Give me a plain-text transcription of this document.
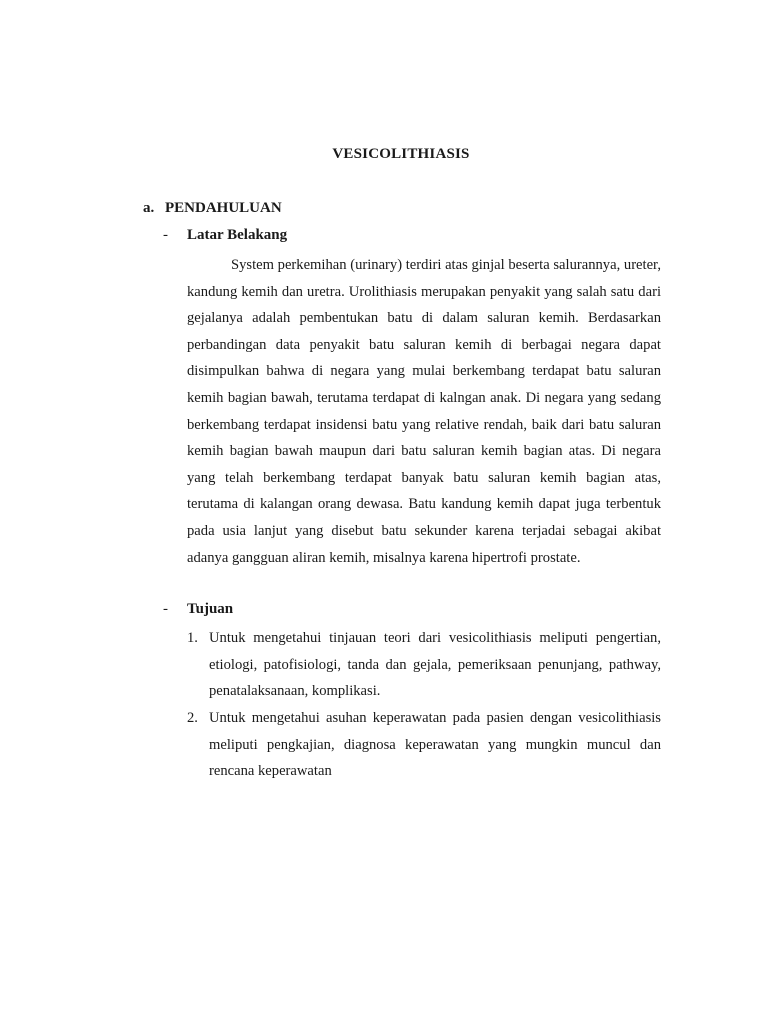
VESICOLITHIASIS
a. PENDAHULUAN
- Latar Belakang

System perkemihan (urinary) terdiri atas ginjal beserta salurannya, ureter, kandung kemih dan uretra. Urolithiasis merupakan penyakit yang salah satu dari gejalanya adalah pembentukan batu di dalam saluran kemih. Berdasarkan perbandingan data penyakit batu saluran kemih di berbagai negara dapat disimpulkan bahwa di negara yang mulai berkembang terdapat batu saluran kemih bagian bawah, terutama terdapat di kalngan anak. Di negara yang sedang berkembang terdapat insidensi batu yang relative rendah, baik dari batu saluran kemih bagian bawah maupun dari batu saluran kemih bagian atas. Di negara yang telah berkembang terdapat banyak batu saluran kemih bagian atas, terutama di kalangan orang dewasa. Batu kandung kemih dapat juga terbentuk pada usia lanjut yang disebut batu sekunder karena terjadai sebagai akibat adanya gangguan aliran kemih, misalnya karena hipertrofi prostate.

- Tujuan
1. Untuk mengetahui tinjauan teori dari vesicolithiasis meliputi pengertian, etiologi, patofisiologi, tanda dan gejala, pemeriksaan penunjang, pathway, penatalaksanaan, komplikasi.
2. Untuk mengetahui asuhan keperawatan pada pasien dengan vesicolithiasis meliputi pengkajian, diagnosa keperawatan yang mungkin muncul dan rencana keperawatan
